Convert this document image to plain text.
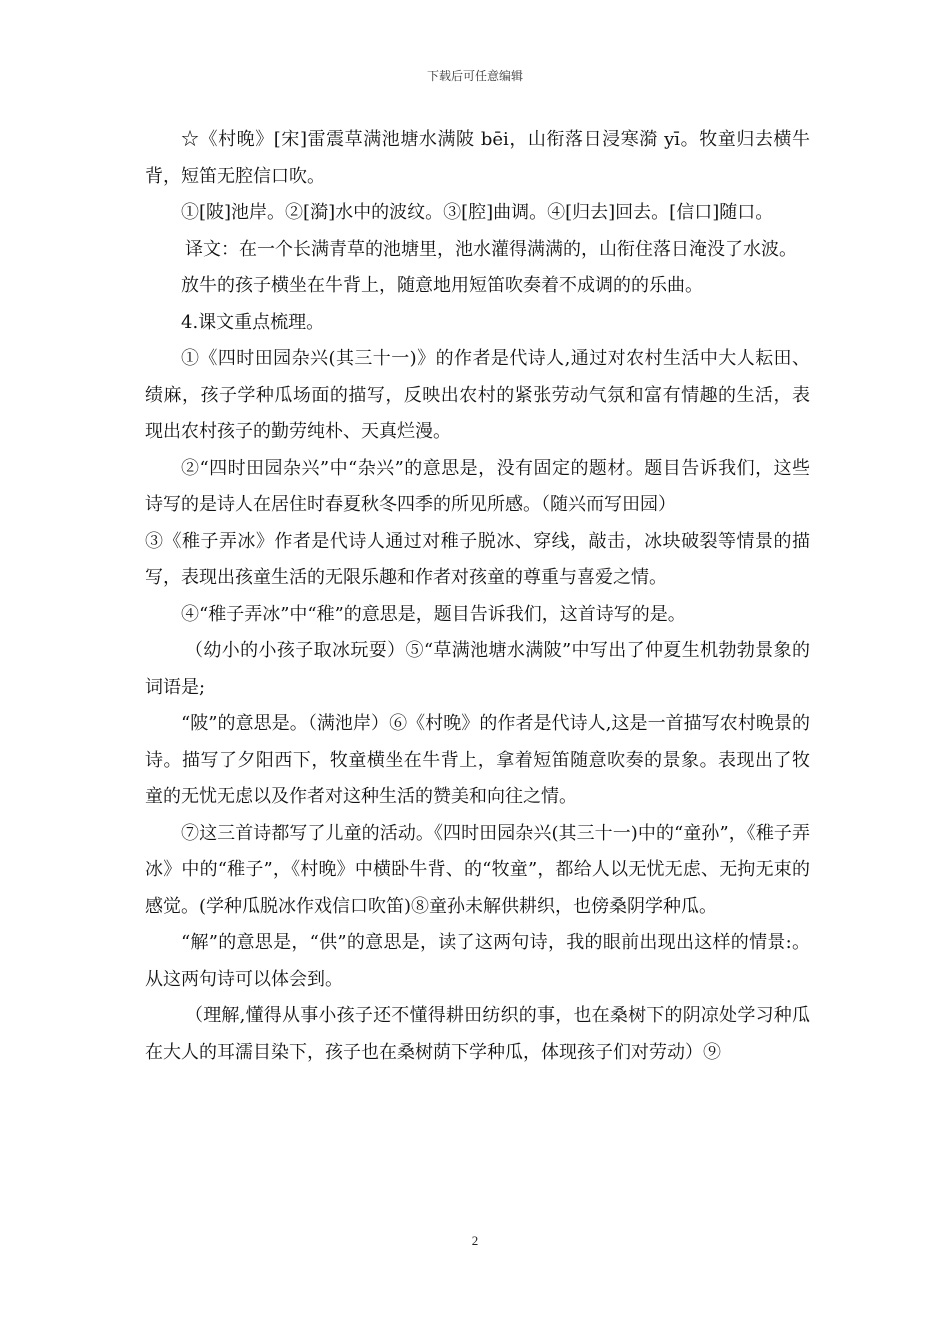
下载后可任意编辑

☆《村晚》[宋]雷震草满池塘水满陂 bēi，山衔落日浸寒漪 yī。牧童归去横牛背，短笛无腔信口吹。

①[陂]池岸。②[漪]水中的波纹。③[腔]曲调。④[归去]回去。[信口]随口。

译文：在一个长满青草的池塘里，池水灌得满满的，山衔住落日淹没了水波。

放牛的孩子横坐在牛背上，随意地用短笛吹奏着不成调的的乐曲。

4.课文重点梳理。

①《四时田园杂兴(其三十一)》的作者是代诗人,通过对农村生活中大人耘田、绩麻，孩子学种瓜场面的描写，反映出农村的紧张劳动气氛和富有情趣的生活，表现出农村孩子的勤劳纯朴、天真烂漫。

②“四时田园杂兴”中“杂兴”的意思是，没有固定的题材。题目告诉我们，这些诗写的是诗人在居住时春夏秋冬四季的所见所感。（随兴而写田园）

③《稚子弄冰》作者是代诗人通过对稚子脱冰、穿线，敲击，冰块破裂等情景的描写，表现出孩童生活的无限乐趣和作者对孩童的尊重与喜爱之情。

④“稚子弄冰”中“稚”的意思是，题目告诉我们，这首诗写的是。

（幼小的小孩子取冰玩耍）⑤“草满池塘水满陂”中写出了仲夏生机勃勃景象的词语是;

“陂”的意思是。（满池岸）⑥《村晚》的作者是代诗人,这是一首描写农村晚景的诗。描写了夕阳西下，牧童横坐在牛背上，拿着短笛随意吹奏的景象。表现出了牧童的无忧无虑以及作者对这种生活的赞美和向往之情。

⑦这三首诗都写了儿童的活动。《四时田园杂兴(其三十一)中的“童孙”，《稚子弄冰》中的“稚子”，《村晚》中横卧牛背、的“牧童”，都给人以无忧无虑、无拘无束的感觉。(学种瓜脱冰作戏信口吹笛)⑧童孙未解供耕织，也傍桑阴学种瓜。

“解”的意思是，“供”的意思是，读了这两句诗，我的眼前出现出这样的情景:。从这两句诗可以体会到。

（理解,懂得从事小孩子还不懂得耕田纺织的事，也在桑树下的阴凉处学习种瓜在大人的耳濡目染下，孩子也在桑树荫下学种瓜，体现孩子们对劳动）⑨

2
